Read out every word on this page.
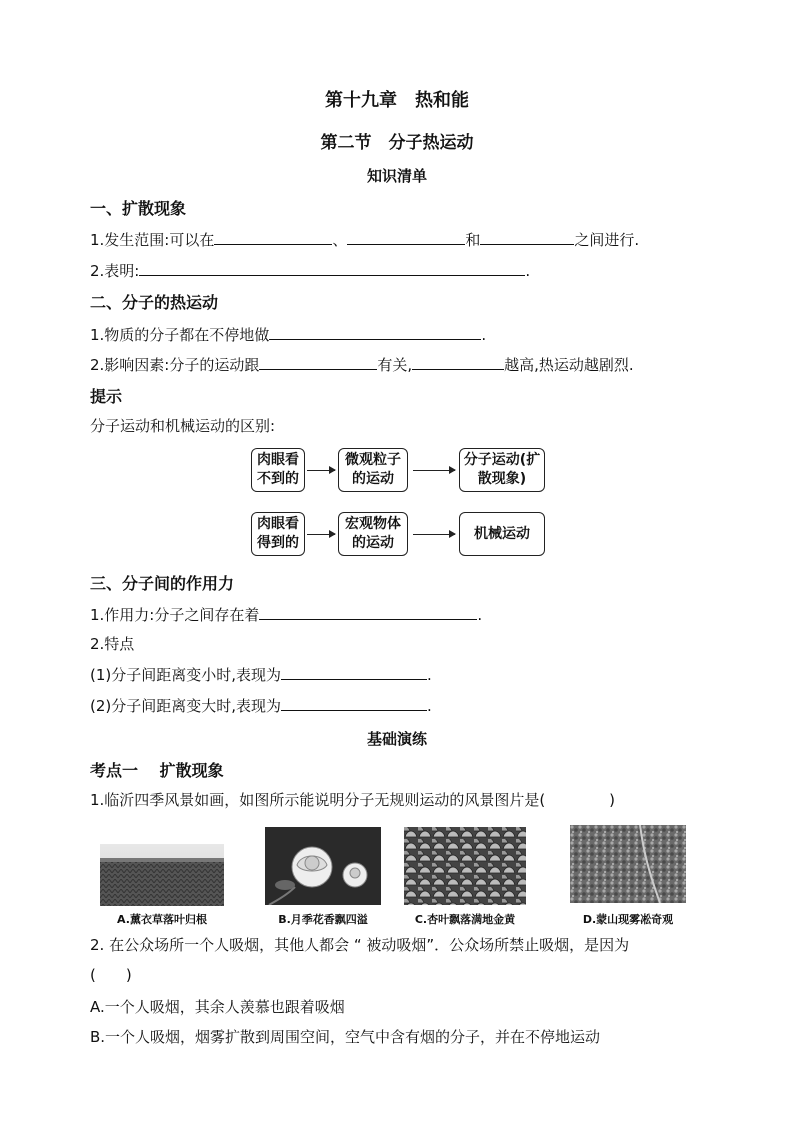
第十九章　热和能
第二节　分子热运动
知识清单
一、扩散现象
1.发生范围:可以在	、	和	之间进行.
2.表明:	.
二、分子的热运动
1.物质的分子都在不停地做	.
2.影响因素:分子的运动跟	有关,	越高,热运动越剧烈.
提示
分子运动和机械运动的区别:
肉眼看不到的
微观粒子的运动
分子运动(扩散现象)
肉眼看得到的
宏观物体的运动
机械运动
三、分子间的作用力
1.作用力:分子之间存在着	.
2.特点
(1)分子间距离变小时,表现为	.
(2)分子间距离变大时,表现为	.
基础演练
考点一　 扩散现象
1.临沂四季风景如画，如图所示能说明分子无规则运动的风景图片是(	)
A.薰衣草落叶归根	B.月季花香飘四溢	C.杏叶飘落满地金黄	D.蒙山现雾凇奇观
2. 在公众场所一个人吸烟，其他人都会 “ 被动吸烟”．公众场所禁止吸烟，是因为
(　　)
A.一个人吸烟，其余人羡慕也跟着吸烟
B.一个人吸烟，烟雾扩散到周围空间，空气中含有烟的分子，并在不停地运动
